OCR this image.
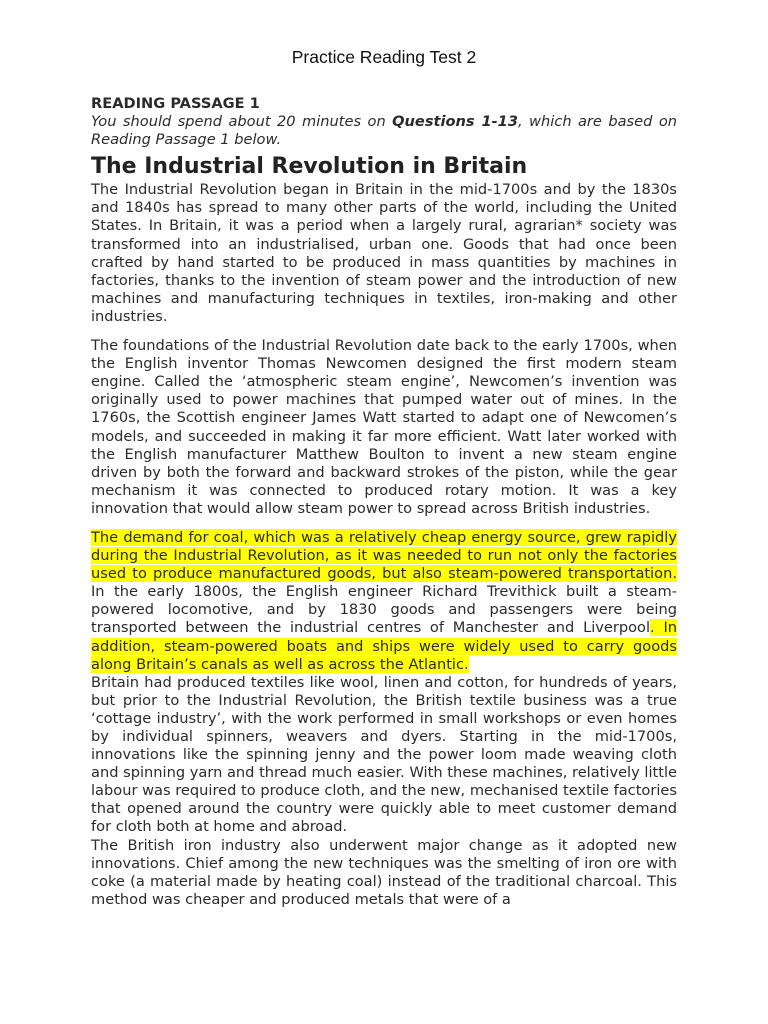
Practice Reading Test 2

READING PASSAGE 1

You should spend about 20 minutes on Questions 1-13, which are based on Reading Passage 1 below.

The Industrial Revolution in Britain

The Industrial Revolution began in Britain in the mid-1700s and by the 1830s and 1840s has spread to many other parts of the world, including the United States. In Britain, it was a period when a largely rural, agrarian* society was transformed into an industrialised, urban one. Goods that had once been crafted by hand started to be produced in mass quantities by machines in factories, thanks to the invention of steam power and the introduction of new machines and manufacturing techniques in textiles, iron-making and other industries.

The foundations of the Industrial Revolution date back to the early 1700s, when the English inventor Thomas Newcomen designed the first modern steam engine. Called the ‘atmospheric steam engine’, Newcomen’s invention was originally used to power machines that pumped water out of mines. In the 1760s, the Scottish engineer James Watt started to adapt one of Newcomen’s models, and succeeded in making it far more efficient. Watt later worked with the English manufacturer Matthew Boulton to invent a new steam engine driven by both the forward and backward strokes of the piston, while the gear mechanism it was connected to produced rotary motion. It was a key innovation that would allow steam power to spread across British industries.

The demand for coal, which was a relatively cheap energy source, grew rapidly during the Industrial Revolution, as it was needed to run not only the factories used to produce manufactured goods, but also steam-powered transportation. In the early 1800s, the English engineer Richard Trevithick built a steam-powered locomotive, and by 1830 goods and passengers were being transported between the industrial centres of Manchester and Liverpool. In addition, steam-powered boats and ships were widely used to carry goods along Britain’s canals as well as across the Atlantic.

Britain had produced textiles like wool, linen and cotton, for hundreds of years, but prior to the Industrial Revolution, the British textile business was a true ‘cottage industry’, with the work performed in small workshops or even homes by individual spinners, weavers and dyers. Starting in the mid-1700s, innovations like the spinning jenny and the power loom made weaving cloth and spinning yarn and thread much easier. With these machines, relatively little labour was required to produce cloth, and the new, mechanised textile factories that opened around the country were quickly able to meet customer demand for cloth both at home and abroad.

The British iron industry also underwent major change as it adopted new innovations. Chief among the new techniques was the smelting of iron ore with coke (a material made by heating coal) instead of the traditional charcoal. This method was cheaper and produced metals that were of a
